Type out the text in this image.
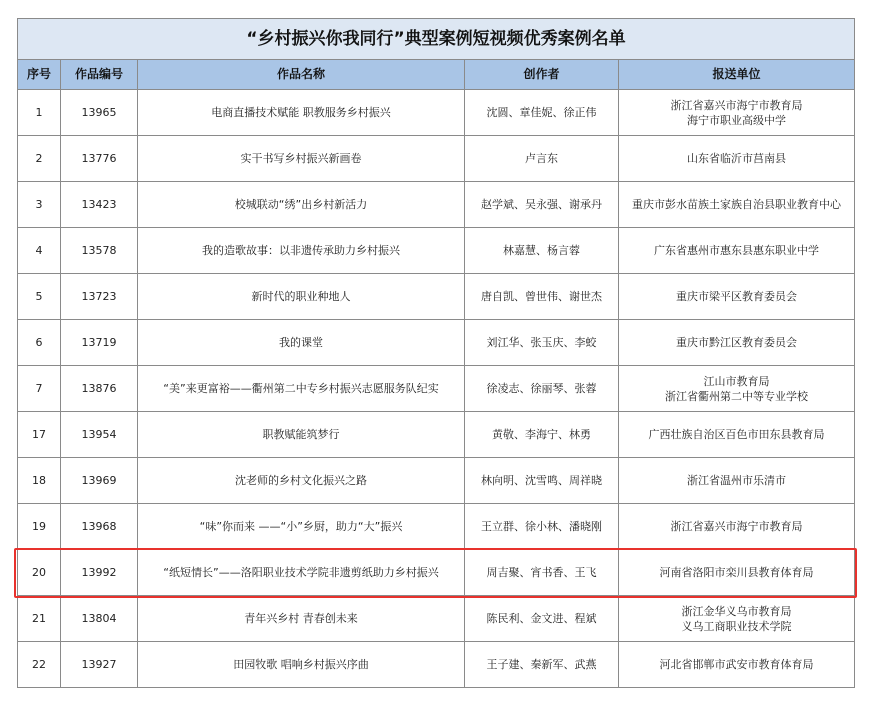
“乡村振兴你我同行”典型案例短视频优秀案例名单				
序号	作品编号	作品名称	创作者	报送单位
1	13965	电商直播技术赋能 职教服务乡村振兴	沈圆、章佳妮、徐正伟	浙江省嘉兴市海宁市教育局
海宁市职业高级中学
2	13776	实干书写乡村振兴新画卷	卢言东	山东省临沂市莒南县
3	13423	校城联动“绣”出乡村新活力	赵学斌、吴永强、谢承丹	重庆市彭水苗族土家族自治县职业教育中心
4	13578	我的造歌故事：以非遗传承助力乡村振兴	林嘉慧、杨言蓉	广东省惠州市惠东县惠东职业中学
5	13723	新时代的职业种地人	唐自凯、曾世伟、谢世杰	重庆市梁平区教育委员会
6	13719	我的课堂	刘江华、张玉庆、李蛟	重庆市黔江区教育委员会
7	13876	“美”来更富裕——衢州第二中专乡村振兴志愿服务队纪实	徐凌志、徐丽琴、张蓉	江山市教育局
浙江省衢州第二中等专业学校
17	13954	职教赋能筑梦行	黄敬、李海宁、林勇	广西壮族自治区百色市田东县教育局
18	13969	沈老师的乡村文化振兴之路	林向明、沈雪鸣、周祥晓	浙江省温州市乐清市
19	13968	“味”你而来 ——“小”乡厨，助力“大”振兴	王立群、徐小林、潘晓刚	浙江省嘉兴市海宁市教育局
20	13992	“纸短情长”——洛阳职业技术学院非遗剪纸助力乡村振兴	周吉聚、宵书香、王飞	河南省洛阳市栾川县教育体育局
21	13804	青年兴乡村 青春创未来	陈民利、金文进、程斌	浙江金华义乌市教育局
义乌工商职业技术学院
22	13927	田园牧歌 唱响乡村振兴序曲	王子建、秦新军、武燕	河北省邯郸市武安市教育体育局
